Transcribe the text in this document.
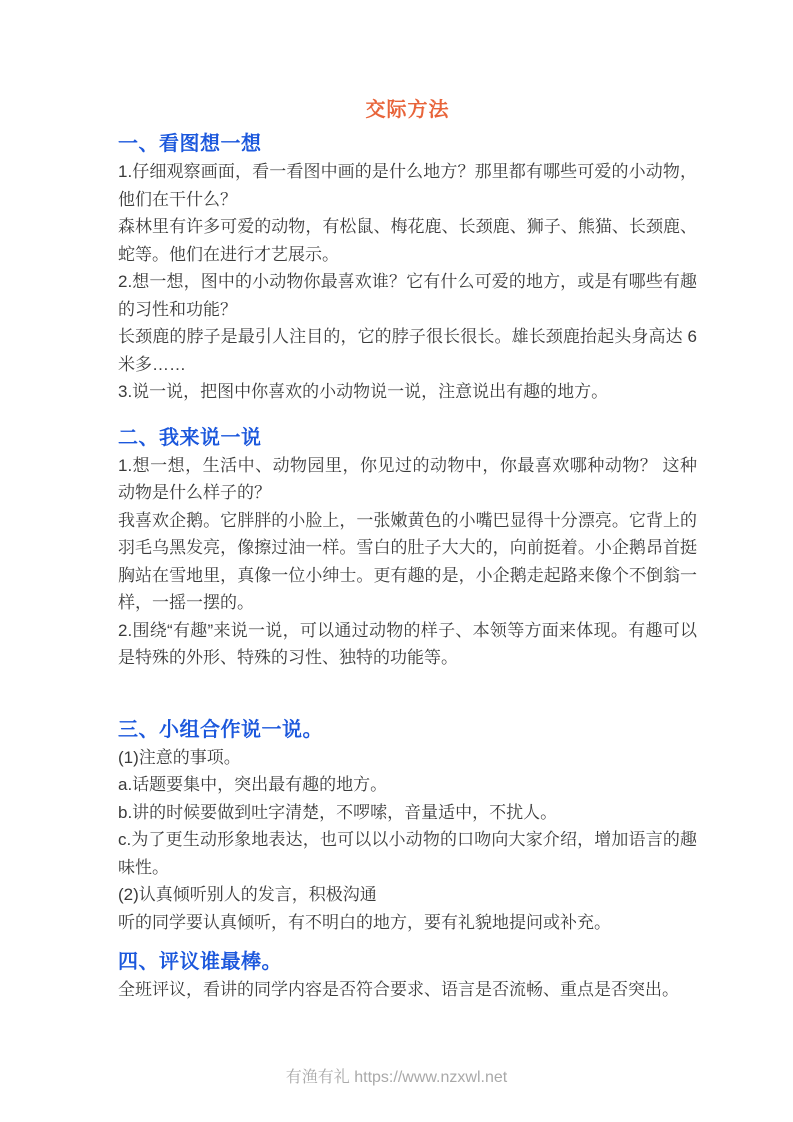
交际方法
一、看图想一想

1.仔细观察画面，看一看图中画的是什么地方？那里都有哪些可爱的小动物，他们在干什么？

森林里有许多可爱的动物，有松鼠、梅花鹿、长颈鹿、狮子、熊猫、长颈鹿、蛇等。他们在进行才艺展示。

2.想一想，图中的小动物你最喜欢谁？它有什么可爱的地方，或是有哪些有趣的习性和功能？

长颈鹿的脖子是最引人注目的，它的脖子很长很长。雄长颈鹿抬起头身高达 6 米多……

3.说一说，把图中你喜欢的小动物说一说，注意说出有趣的地方。

二、我来说一说

1.想一想，生活中、动物园里，你见过的动物中，你最喜欢哪种动物？ 这种动物是什么样子的？

我喜欢企鹅。它胖胖的小脸上，一张嫩黄色的小嘴巴显得十分漂亮。它背上的羽毛乌黑发亮，像擦过油一样。雪白的肚子大大的，向前挺着。小企鹅昂首挺胸站在雪地里，真像一位小绅士。更有趣的是，小企鹅走起路来像个不倒翁一样，一摇一摆的。

2.围绕“有趣”来说一说，可以通过动物的样子、本领等方面来体现。有趣可以是特殊的外形、特殊的习性、独特的功能等。

三、小组合作说一说。

(1)注意的事项。

a.话题要集中，突出最有趣的地方。

b.讲的时候要做到吐字清楚，不啰嗦，音量适中，不扰人。

c.为了更生动形象地表达，也可以以小动物的口吻向大家介绍，增加语言的趣味性。

(2)认真倾听别人的发言，积极沟通

听的同学要认真倾听，有不明白的地方，要有礼貌地提问或补充。

四、评议谁最棒。

全班评议，看讲的同学内容是否符合要求、语言是否流畅、重点是否突出。

有渔有礼 https://www.nzxwl.net
